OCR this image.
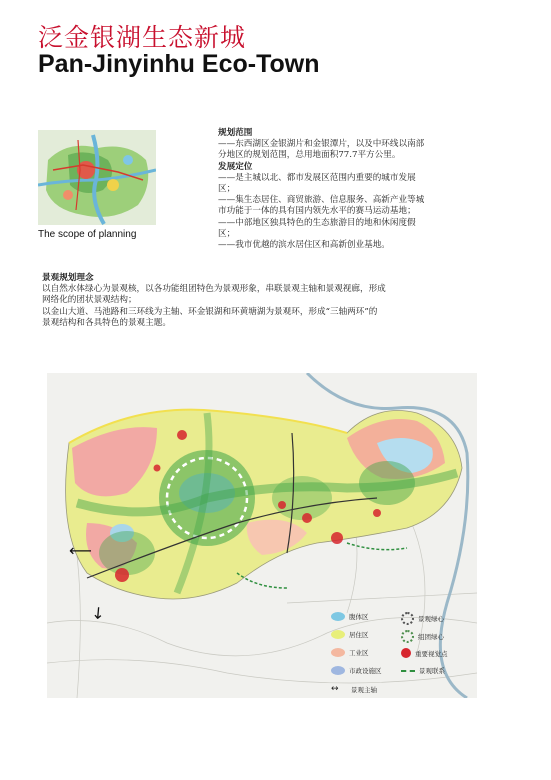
泛金银湖生态新城
Pan-Jinyinhu Eco-Town
The scope of planning
规划范围
——东西湖区金银湖片和金银潭片，以及中环线以南部
分地区的规划范围，总用地面积77.7平方公里。
发展定位
——是主城以北、都市发展区范围内重要的城市发展
区；
——集生态居住、商贸旅游、信息服务、高新产业等城
市功能于一体的具有国内领先水平的赛马运动基地；
——中部地区独具特色的生态旅游目的地和休闲度假
区；
——我市优越的滨水居住区和高新创业基地。
景观规划理念
以自然水体绿心为景观核，以各功能组团特色为景观形象，串联景观主轴和景观视廊，形成
网络化的团状景观结构；
以金山大道、马池路和三环线为主轴、环金银湖和环黄塘湖为景观环，形成“三轴两环”的
景观结构和各具特色的景观主题。
⟵
↙	腹体区	景观绿心
居住区	组团绿心
工业区	重要视觉点
市政设施区	景观联系
↔	景观主轴
